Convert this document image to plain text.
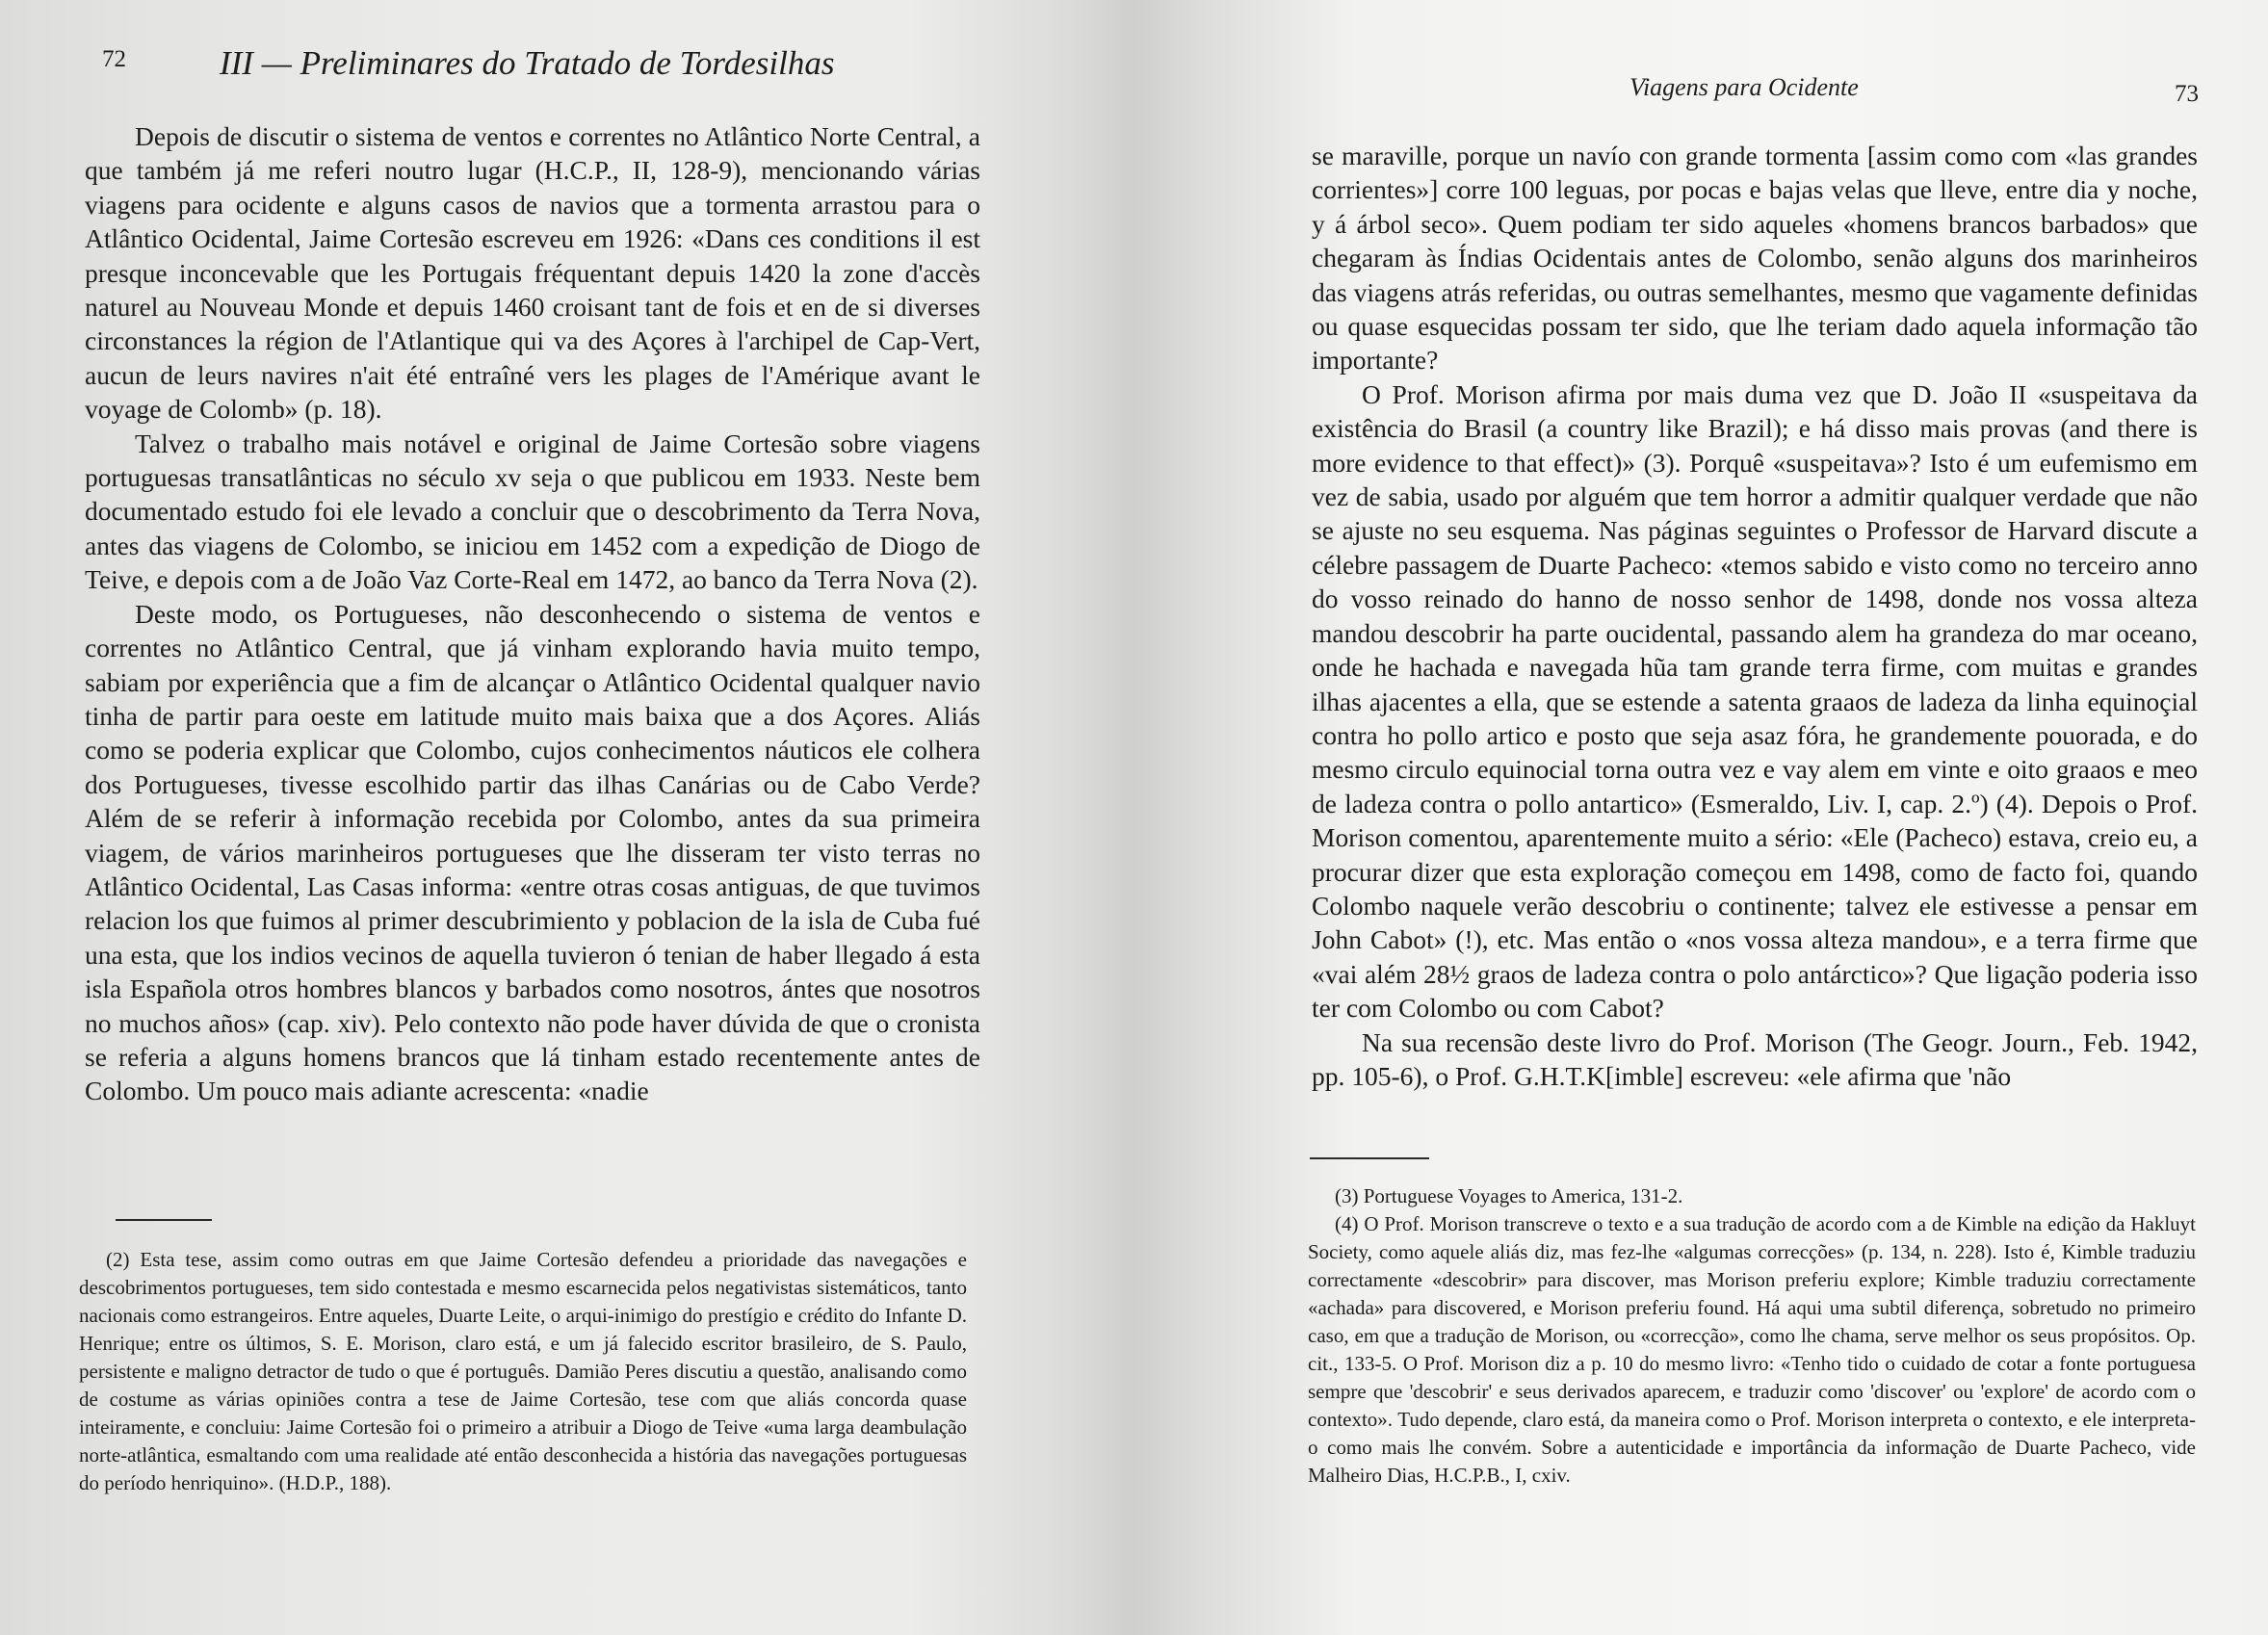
72	III — Preliminares do Tratado de Tordesilhas

Depois de discutir o sistema de ventos e correntes no Atlântico Norte Central, a que também já me referi noutro lugar (H.C.P., II, 128-9), mencionando várias viagens para ocidente e alguns casos de navios que a tormenta arrastou para o Atlântico Ocidental, Jaime Cortesão escreveu em 1926: «Dans ces conditions il est presque inconcevable que les Portugais fréquentant depuis 1420 la zone d'accès naturel au Nouveau Monde et depuis 1460 croisant tant de fois et en de si diverses circonstances la région de l'Atlantique qui va des Açores à l'archipel de Cap-Vert, aucun de leurs navires n'ait été entraîné vers les plages de l'Amérique avant le voyage de Colomb» (p. 18).

Talvez o trabalho mais notável e original de Jaime Cortesão sobre viagens portuguesas transatlânticas no século xv seja o que publicou em 1933. Neste bem documentado estudo foi ele levado a concluir que o descobrimento da Terra Nova, antes das viagens de Colombo, se iniciou em 1452 com a expedição de Diogo de Teive, e depois com a de João Vaz Corte-Real em 1472, ao banco da Terra Nova (2).

Deste modo, os Portugueses, não desconhecendo o sistema de ventos e correntes no Atlântico Central, que já vinham explorando havia muito tempo, sabiam por experiência que a fim de alcançar o Atlântico Ocidental qualquer navio tinha de partir para oeste em latitude muito mais baixa que a dos Açores. Aliás como se poderia explicar que Colombo, cujos conhecimentos náuticos ele colhera dos Portugueses, tivesse escolhido partir das ilhas Canárias ou de Cabo Verde? Além de se referir à informação recebida por Colombo, antes da sua primeira viagem, de vários marinheiros portugueses que lhe disseram ter visto terras no Atlântico Ocidental, Las Casas informa: «entre otras cosas antiguas, de que tuvimos relacion los que fuimos al primer descubrimiento y poblacion de la isla de Cuba fué una esta, que los indios vecinos de aquella tuvieron ó tenian de haber llegado á esta isla Española otros hombres blancos y barbados como nosotros, ántes que nosotros no muchos años» (cap. xiv). Pelo contexto não pode haver dúvida de que o cronista se referia a alguns homens brancos que lá tinham estado recentemente antes de Colombo. Um pouco mais adiante acrescenta: «nadie

(2) Esta tese, assim como outras em que Jaime Cortesão defendeu a prioridade das navegações e descobrimentos portugueses, tem sido contestada e mesmo escarnecida pelos negativistas sistemáticos, tanto nacionais como estrangeiros. Entre aqueles, Duarte Leite, o arqui-inimigo do prestígio e crédito do Infante D. Henrique; entre os últimos, S. E. Morison, claro está, e um já falecido escritor brasileiro, de S. Paulo, persistente e maligno detractor de tudo o que é português. Damião Peres discutiu a questão, analisando como de costume as várias opiniões contra a tese de Jaime Cortesão, tese com que aliás concorda quase inteiramente, e concluiu: Jaime Cortesão foi o primeiro a atribuir a Diogo de Teive «uma larga deambulação norte-atlântica, esmaltando com uma realidade até então desconhecida a história das navegações portuguesas do período henriquino». (H.D.P., 188).

Viagens para Ocidente	73

se maraville, porque un navío con grande tormenta [assim como com «las grandes corrientes»] corre 100 leguas, por pocas e bajas velas que lleve, entre dia y noche, y á árbol seco». Quem podiam ter sido aqueles «homens brancos barbados» que chegaram às Índias Ocidentais antes de Colombo, senão alguns dos marinheiros das viagens atrás referidas, ou outras semelhantes, mesmo que vagamente definidas ou quase esquecidas possam ter sido, que lhe teriam dado aquela informação tão importante?

O Prof. Morison afirma por mais duma vez que D. João II «suspeitava da existência do Brasil (a country like Brazil); e há disso mais provas (and there is more evidence to that effect)» (3). Porquê «suspeitava»? Isto é um eufemismo em vez de sabia, usado por alguém que tem horror a admitir qualquer verdade que não se ajuste no seu esquema. Nas páginas seguintes o Professor de Harvard discute a célebre passagem de Duarte Pacheco: «temos sabido e visto como no terceiro anno do vosso reinado do hanno de nosso senhor de 1498, donde nos vossa alteza mandou descobrir ha parte oucidental, passando alem ha grandeza do mar oceano, onde he hachada e navegada hũa tam grande terra firme, com muitas e grandes ilhas ajacentes a ella, que se estende a satenta graaos de ladeza da linha equinoçial contra ho pollo artico e posto que seja asaz fóra, he grandemente pouorada, e do mesmo circulo equinocial torna outra vez e vay alem em vinte e oito graaos e meo de ladeza contra o pollo antartico» (Esmeraldo, Liv. I, cap. 2.º) (4). Depois o Prof. Morison comentou, aparentemente muito a sério: «Ele (Pacheco) estava, creio eu, a procurar dizer que esta exploração começou em 1498, como de facto foi, quando Colombo naquele verão descobriu o continente; talvez ele estivesse a pensar em John Cabot» (!), etc. Mas então o «nos vossa alteza mandou», e a terra firme que «vai além 28½ graos de ladeza contra o polo antárctico»? Que ligação poderia isso ter com Colombo ou com Cabot?

Na sua recensão deste livro do Prof. Morison (The Geogr. Journ., Feb. 1942, pp. 105-6), o Prof. G.H.T.K[imble] escreveu: «ele afirma que 'não

(3) Portuguese Voyages to America, 131-2.

(4) O Prof. Morison transcreve o texto e a sua tradução de acordo com a de Kimble na edição da Hakluyt Society, como aquele aliás diz, mas fez-lhe «algumas correcções» (p. 134, n. 228). Isto é, Kimble traduziu correctamente «descobrir» para discover, mas Morison preferiu explore; Kimble traduziu correctamente «achada» para discovered, e Morison preferiu found. Há aqui uma subtil diferença, sobretudo no primeiro caso, em que a tradução de Morison, ou «correcção», como lhe chama, serve melhor os seus propósitos. Op. cit., 133-5. O Prof. Morison diz a p. 10 do mesmo livro: «Tenho tido o cuidado de cotar a fonte portuguesa sempre que 'descobrir' e seus derivados aparecem, e traduzir como 'discover' ou 'explore' de acordo com o contexto». Tudo depende, claro está, da maneira como o Prof. Morison interpreta o contexto, e ele interpreta-o como mais lhe convém. Sobre a autenticidade e importância da informação de Duarte Pacheco, vide Malheiro Dias, H.C.P.B., I, cxiv.
